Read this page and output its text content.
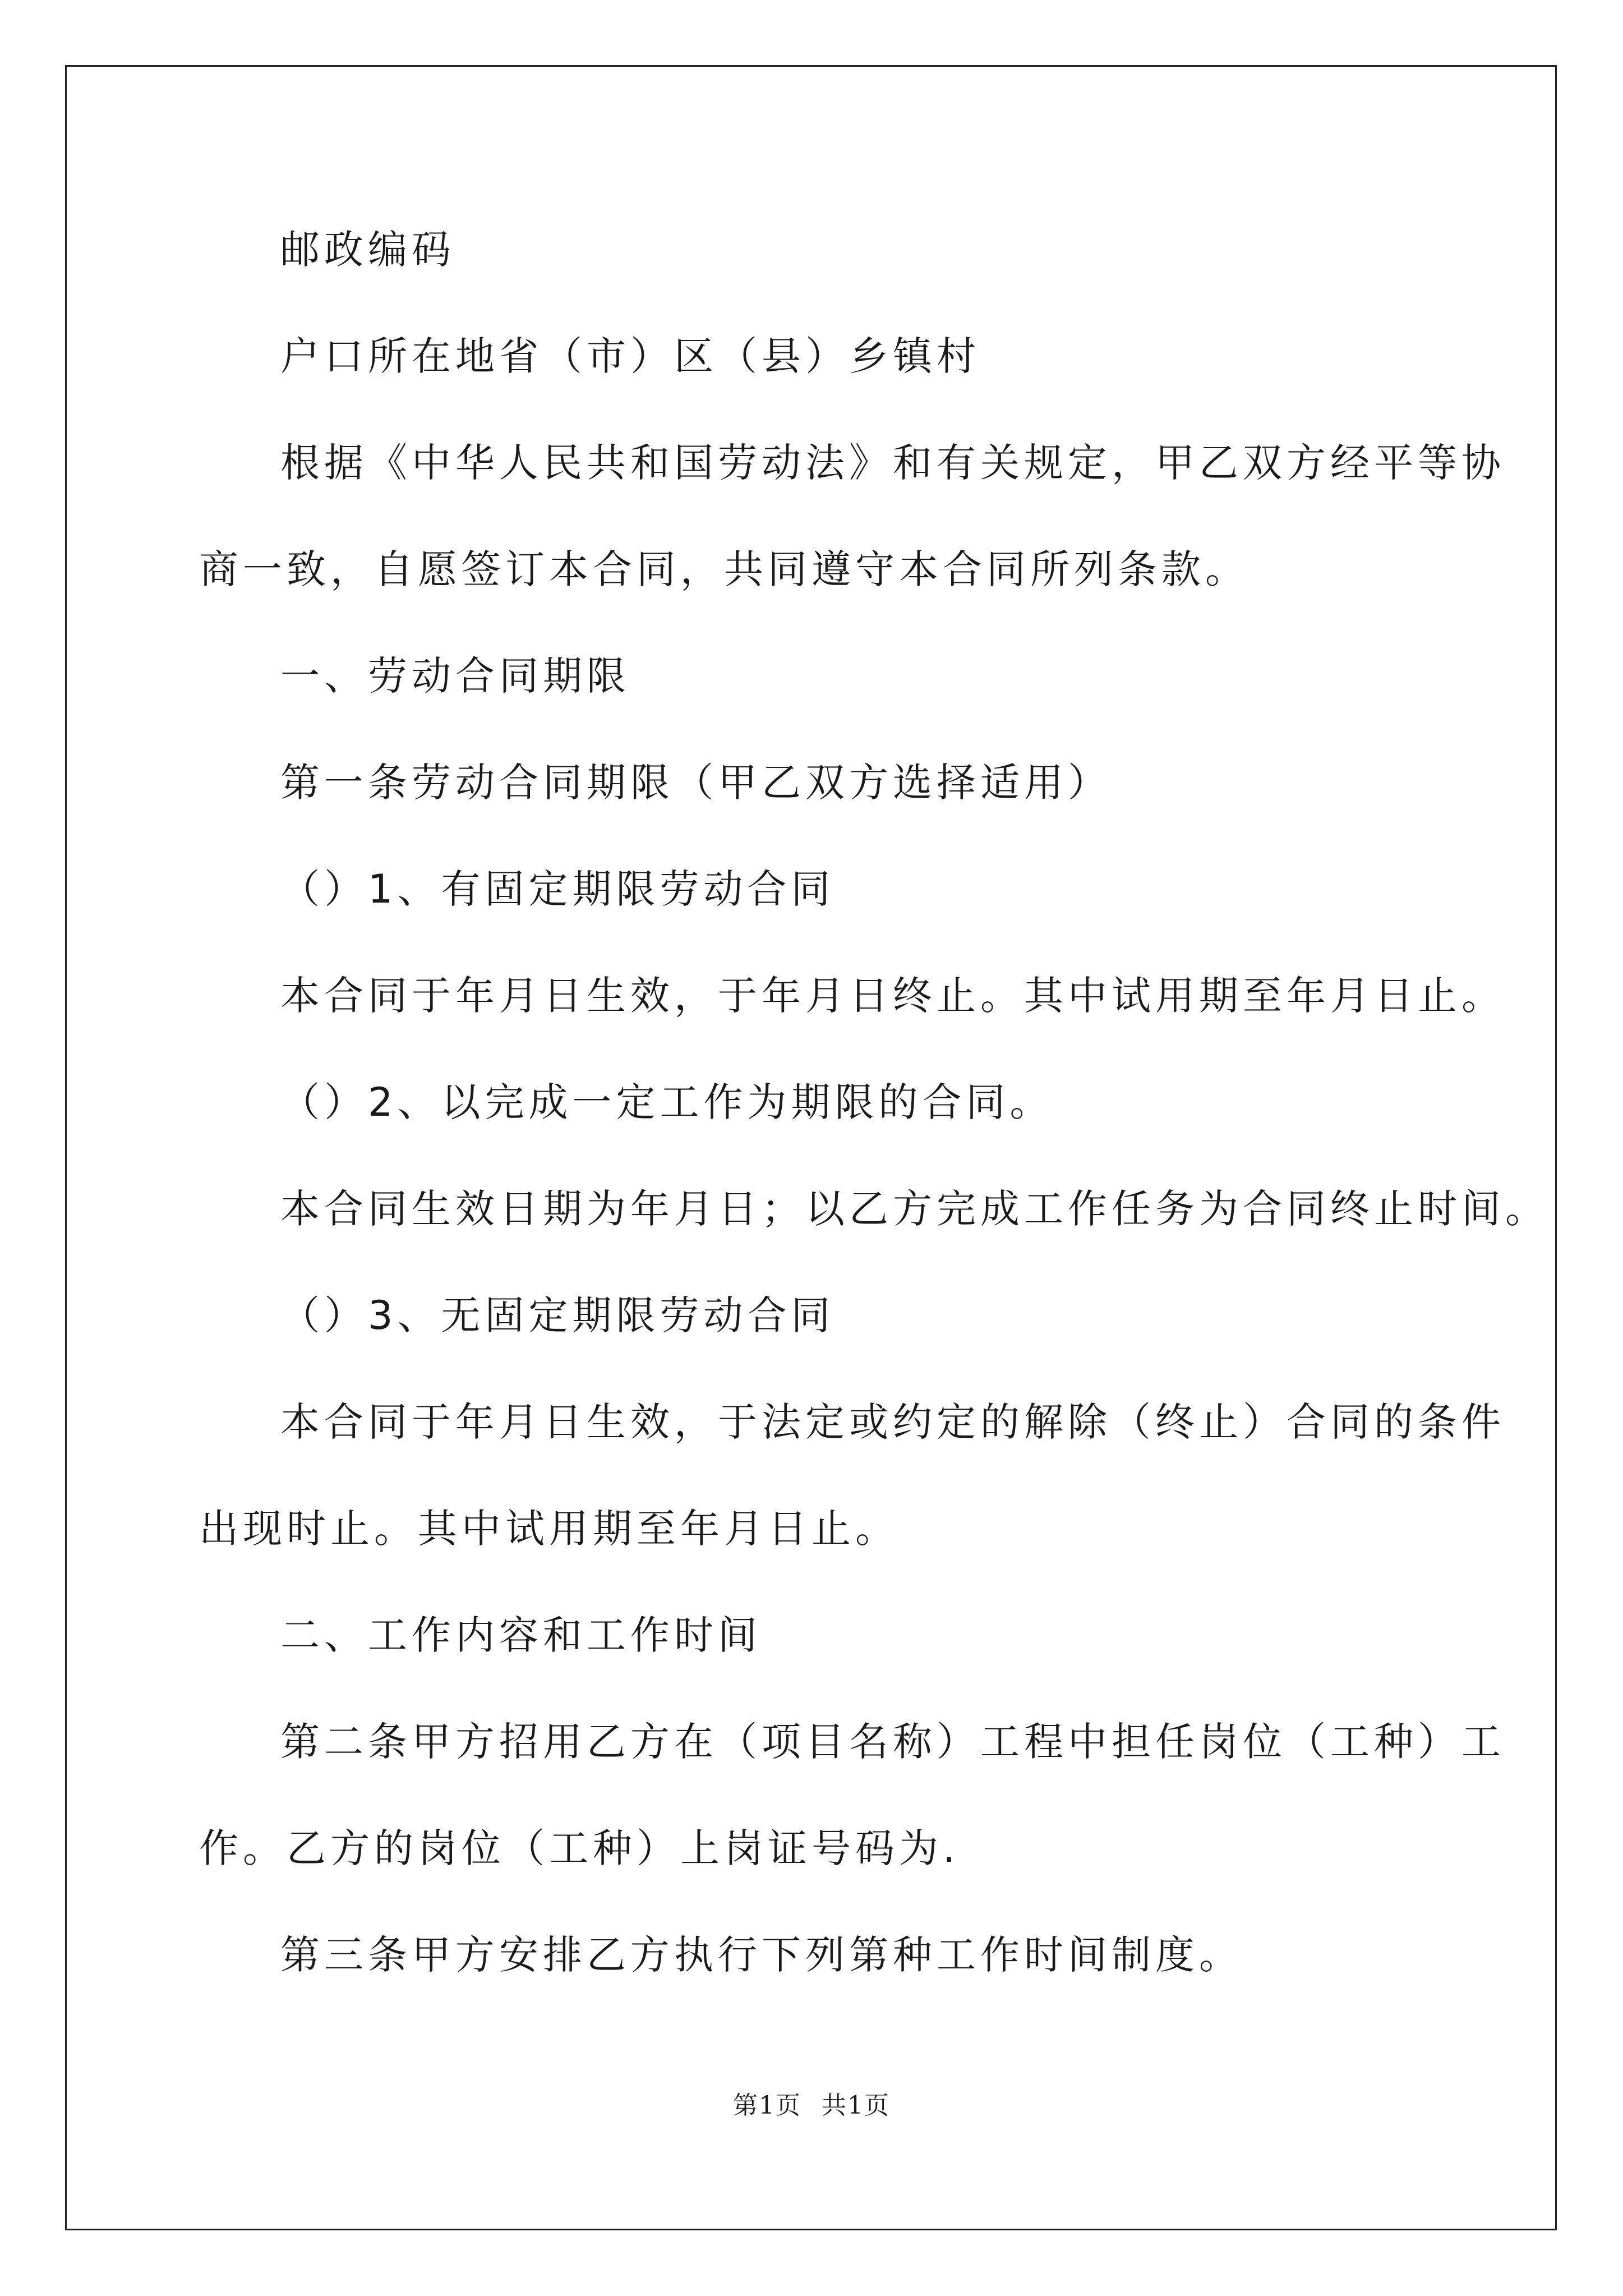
邮政编码
户口所在地省（市）区（县）乡镇村
根据《中华人民共和国劳动法》和有关规定，甲乙双方经平等协
商一致，自愿签订本合同，共同遵守本合同所列条款。
一、劳动合同期限
第一条劳动合同期限（甲乙双方选择适用）
（）1、有固定期限劳动合同
本合同于年月日生效，于年月日终止。其中试用期至年月日止。
（）2、以完成一定工作为期限的合同。
本合同生效日期为年月日；以乙方完成工作任务为合同终止时间。
（）3、无固定期限劳动合同
本合同于年月日生效，于法定或约定的解除（终止）合同的条件
出现时止。其中试用期至年月日止。
二、工作内容和工作时间
第二条甲方招用乙方在（项目名称）工程中担任岗位（工种）工
作。乙方的岗位（工种）上岗证号码为.
第三条甲方安排乙方执行下列第种工作时间制度。
第1页 共1页
